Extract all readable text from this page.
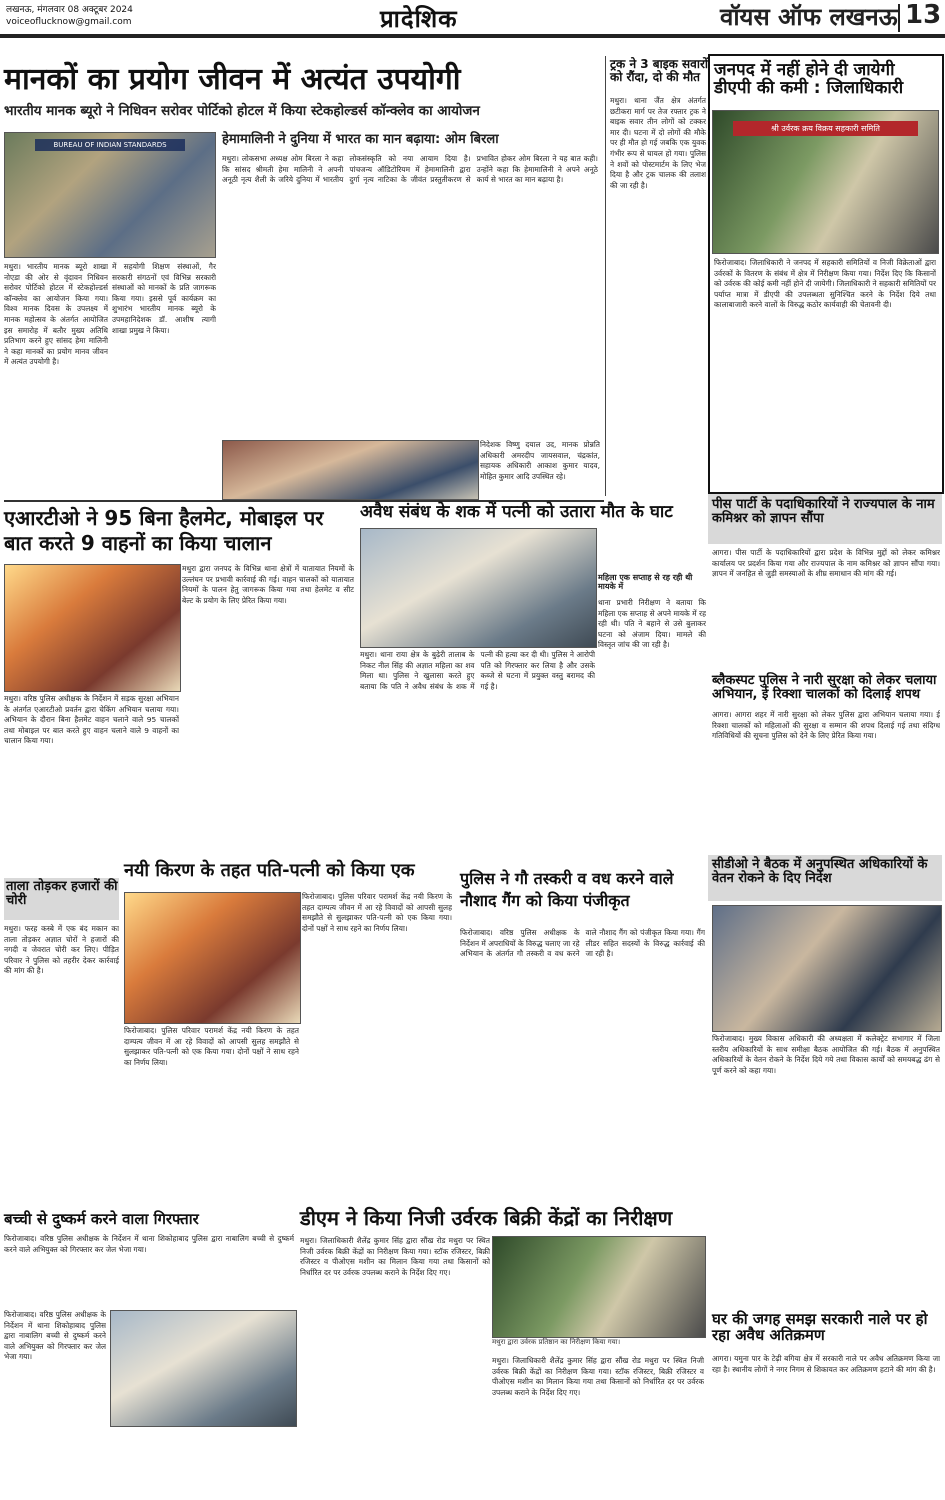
लखनऊ, मंगलवार 08 अक्टूबर 2024
voiceoflucknow@gmail.com	प्रादेशिक	वॉयस ऑफ लखनऊ 13
मानकों का प्रयोग जीवन में अत्यंत उपयोगी
भारतीय मानक ब्यूरो ने निधिवन सरोवर पोर्टिको होटल में किया स्टेकहोल्डर्स कॉन्क्लेव का आयोजन
BUREAU OF INDIAN STANDARDS
मथुरा। भारतीय मानक ब्यूरो शाखा नोएडा की ओर से वृंदावन निधिवन सरोवर पोर्टिको होटल में स्टेकहोल्डर्स कॉन्क्लेव का आयोजन किया गया। विश्व मानक दिवस के उपलक्ष्य में मानक महोत्सव के अंतर्गत आयोजित इस समारोह में बतौर मुख्य अतिथि प्रतिभाग करने हुए सांसद हेमा मालिनी ने कहा मानकों का प्रयोग मानव जीवन में अत्यंत उपयोगी है।
में सहयोगी शिक्षण संस्थाओं, गैर सरकारी संगठनों एवं विभिन्न सरकारी संस्थाओं को मानकों के प्रति जागरूक किया गया। इससे पूर्व कार्यक्रम का शुभारंभ भारतीय मानक ब्यूरो के उपमहानिदेशक डॉ. आशीष त्यागी शाखा प्रमुख ने किया।
हेमामालिनी ने दुनिया में भारत का मान बढ़ाया: ओम बिरला
मथुरा। लोकसभा अध्यक्ष ओम बिरला ने कहा कि सांसद श्रीमती हेमा मालिनी ने अपनी अनूठी नृत्य शैली के जरिये दुनिया में भारतीय लोकसंस्कृति को नया आयाम दिया है। पांचजन्य ऑडिटोरियम में हेमामालिनी द्वारा दुर्गा नृत्य नाटिका के जीवंत प्रस्तुतीकरण से प्रभावित होकर ओम बिरला ने यह बात कही। उन्होंने कहा कि हेमामालिनी ने अपने अनूठे कार्य से भारत का मान बढ़ाया है।
निदेशक विष्णु दयाल उद, मानक प्रोन्नति अधिकारी अमरदीप जायसवाल, चंद्रकांत, सहायक अधिकारी आकाश कुमार यादव, मोहित कुमार आदि उपस्थित रहे।
ट्रक ने 3 बाइक सवारों को रौंदा, दो की मौत
मथुरा। थाना जैंत क्षेत्र अंतर्गत छटीकरा मार्ग पर तेज रफ्तार ट्रक ने बाइक सवार तीन लोगों को टक्कर मार दी। घटना में दो लोगों की मौके पर ही मौत हो गई जबकि एक युवक गंभीर रूप से घायल हो गया। पुलिस ने शवों को पोस्टमार्टम के लिए भेज दिया है और ट्रक चालक की तलाश की जा रही है।
जनपद में नहीं होने दी जायेगी डीएपी की कमी : जिलाधिकारी
श्री उर्वरक क्रय विक्रय सहकारी समिति
फिरोजाबाद। जिलाधिकारी ने जनपद में सहकारी समितियों व निजी विक्रेताओं द्वारा उर्वरकों के वितरण के संबंध में क्षेत्र में निरीक्षण किया गया। निर्देश दिए कि किसानों को उर्वरक की कोई कमी नहीं होने दी जायेगी। जिलाधिकारी ने सहकारी समितियों पर पर्याप्त मात्रा में डीएपी की उपलब्धता सुनिश्चित करने के निर्देश दिये तथा कालाबाजारी करने वालों के विरुद्ध कठोर कार्यवाही की चेतावनी दी।
एआरटीओ ने 95 बिना हैलमेट, मोबाइल पर बात करते 9 वाहनों का किया चालान
मथुरा। वरिष्ठ पुलिस अधीक्षक के निर्देशन में सड़क सुरक्षा अभियान के अंतर्गत एआरटीओ प्रवर्तन द्वारा चेकिंग अभियान चलाया गया। अभियान के दौरान बिना हैलमेट वाहन चलाने वाले 95 चालकों तथा मोबाइल पर बात करते हुए वाहन चलाने वाले 9 वाहनों का चालान किया गया।
मथुरा द्वारा जनपद के विभिन्न थाना क्षेत्रों में यातायात नियमों के उल्लंघन पर प्रभावी कार्रवाई की गई। वाहन चालकों को यातायात नियमों के पालन हेतु जागरूक किया गया तथा हेलमेट व सीट बेल्ट के प्रयोग के लिए प्रेरित किया गया।
अवैध संबंध के शक में पत्नी को उतारा मौत के घाट
मथुरा। थाना राया क्षेत्र के बुढ़ेरी तालाब के निकट नील सिंह की अज्ञात महिला का शव मिला था। पुलिस ने खुलासा करते हुए बताया कि पति ने अवैध संबंध के शक में पत्नी की हत्या कर दी थी। पुलिस ने आरोपी पति को गिरफ्तार कर लिया है और उसके कब्जे से घटना में प्रयुक्त वस्तु बरामद की गई है।
महिला एक सप्ताह से रह रही थी मायके में
थाना प्रभारी निरीक्षण ने बताया कि महिला एक सप्ताह से अपने मायके में रह रही थी। पति ने बहाने से उसे बुलाकर घटना को अंजाम दिया। मामले की विस्तृत जांच की जा रही है।
पीस पार्टी के पदाधिकारियों ने राज्यपाल के नाम कमिश्नर को ज्ञापन सौंपा
आगरा। पीस पार्टी के पदाधिकारियों द्वारा प्रदेश के विभिन्न मुद्दों को लेकर कमिश्नर कार्यालय पर प्रदर्शन किया गया और राज्यपाल के नाम कमिश्नर को ज्ञापन सौंपा गया। ज्ञापन में जनहित से जुड़ी समस्याओं के शीघ्र समाधान की मांग की गई।
ब्लैकस्पट पुलिस ने नारी सुरक्षा को लेकर चलाया अभियान, ई रिक्शा चालकों को दिलाई शपथ
आगरा। आगरा शहर में नारी सुरक्षा को लेकर पुलिस द्वारा अभियान चलाया गया। ई रिक्शा चालकों को महिलाओं की सुरक्षा व सम्मान की शपथ दिलाई गई तथा संदिग्ध गतिविधियों की सूचना पुलिस को देने के लिए प्रेरित किया गया।
सीडीओ ने बैठक में अनुपस्थित अधिकारियों के वेतन रोकने के दिए निर्देश
फिरोजाबाद। मुख्य विकास अधिकारी की अध्यक्षता में कलेक्ट्रेट सभागार में जिला स्तरीय अधिकारियों के साथ समीक्षा बैठक आयोजित की गई। बैठक में अनुपस्थित अधिकारियों के वेतन रोकने के निर्देश दिये गये तथा विकास कार्यों को समयबद्ध ढंग से पूर्ण करने को कहा गया।
ताला तोड़कर हजारों की चोरी
मथुरा। फरह कस्बे में एक बंद मकान का ताला तोड़कर अज्ञात चोरों ने हजारों की नगदी व जेवरात चोरी कर लिए। पीड़ित परिवार ने पुलिस को तहरीर देकर कार्रवाई की मांग की है।
नयी किरण के तहत पति-पत्नी को किया एक
फिरोजाबाद। पुलिस परिवार परामर्श केंद्र नयी किरण के तहत दाम्पत्य जीवन में आ रहे विवादों को आपसी सुलह समझौते से सुलझाकर पति-पत्नी को एक किया गया। दोनों पक्षों ने साथ रहने का निर्णय लिया।
फिरोजाबाद। पुलिस परिवार परामर्श केंद्र नयी किरण के तहत दाम्पत्य जीवन में आ रहे विवादों को आपसी सुलह समझौते से सुलझाकर पति-पत्नी को एक किया गया। दोनों पक्षों ने साथ रहने का निर्णय लिया।
पुलिस ने गौ तस्करी व वध करने वाले नौशाद गैंग को किया पंजीकृत
फिरोजाबाद। वरिष्ठ पुलिस अधीक्षक के निर्देशन में अपराधियों के विरुद्ध चलाए जा रहे अभियान के अंतर्गत गौ तस्करी व वध करने वाले नौशाद गैंग को पंजीकृत किया गया। गैंग लीडर सहित सदस्यों के विरुद्ध कार्रवाई की जा रही है।
बच्ची से दुष्कर्म करने वाला गिरफ्तार
फिरोजाबाद। वरिष्ठ पुलिस अधीक्षक के निर्देशन में थाना शिकोहाबाद पुलिस द्वारा नाबालिग बच्ची से दुष्कर्म करने वाले अभियुक्त को गिरफ्तार कर जेल भेजा गया।
फिरोजाबाद। वरिष्ठ पुलिस अधीक्षक के निर्देशन में थाना शिकोहाबाद पुलिस द्वारा नाबालिग बच्ची से दुष्कर्म करने वाले अभियुक्त को गिरफ्तार कर जेल भेजा गया।
डीएम ने किया निजी उर्वरक बिक्री केंद्रों का निरीक्षण
मथुरा। जिलाधिकारी शैलेंद्र कुमार सिंह द्वारा सौंख रोड मथुरा पर स्थित निजी उर्वरक बिक्री केंद्रों का निरीक्षण किया गया। स्टॉक रजिस्टर, बिक्री रजिस्टर व पीओएस मशीन का मिलान किया गया तथा किसानों को निर्धारित दर पर उर्वरक उपलब्ध कराने के निर्देश दिए गए।
मथुरा द्वारा उर्वरक प्रतिष्ठान का निरीक्षण किया गया।
मथुरा। जिलाधिकारी शैलेंद्र कुमार सिंह द्वारा सौंख रोड मथुरा पर स्थित निजी उर्वरक बिक्री केंद्रों का निरीक्षण किया गया। स्टॉक रजिस्टर, बिक्री रजिस्टर व पीओएस मशीन का मिलान किया गया तथा किसानों को निर्धारित दर पर उर्वरक उपलब्ध कराने के निर्देश दिए गए।
घर की जगह समझ सरकारी नाले पर हो रहा अवैध अतिक्रमण
आगरा। यमुना पार के टेढ़ी बगिया क्षेत्र में सरकारी नाले पर अवैध अतिक्रमण किया जा रहा है। स्थानीय लोगों ने नगर निगम से शिकायत कर अतिक्रमण हटाने की मांग की है।
